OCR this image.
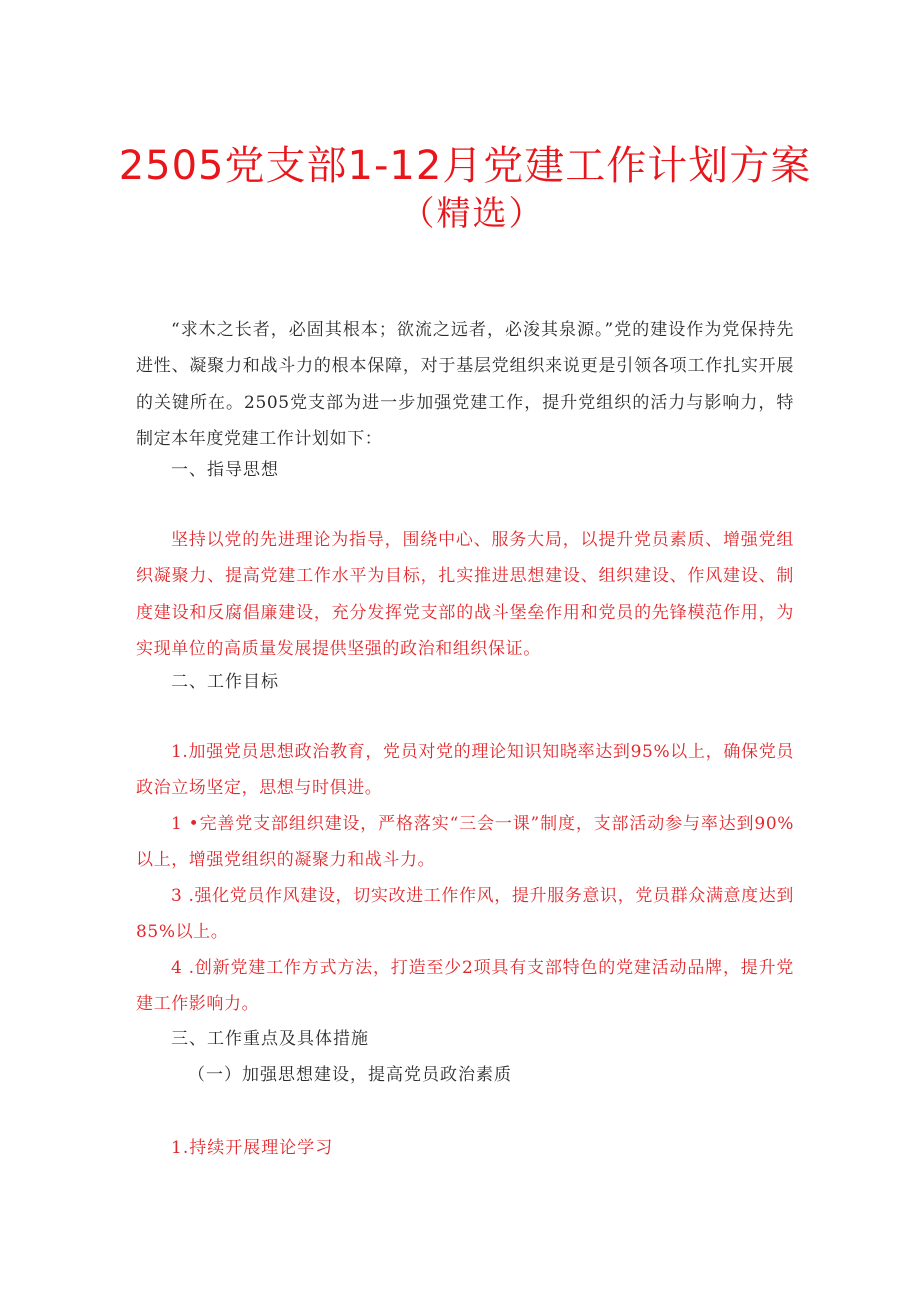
2505党支部1-12月党建工作计划方案
（精选）

“求木之长者，必固其根本；欲流之远者，必浚其泉源。”党的建设作为党保持先进性、凝聚力和战斗力的根本保障，对于基层党组织来说更是引领各项工作扎实开展的关键所在。2505党支部为进一步加强党建工作，提升党组织的活力与影响力，特制定本年度党建工作计划如下：

一、指导思想

坚持以党的先进理论为指导，围绕中心、服务大局，以提升党员素质、增强党组织凝聚力、提高党建工作水平为目标，扎实推进思想建设、组织建设、作风建设、制度建设和反腐倡廉建设，充分发挥党支部的战斗堡垒作用和党员的先锋模范作用，为实现单位的高质量发展提供坚强的政治和组织保证。

二、工作目标

1.加强党员思想政治教育，党员对党的理论知识知晓率达到95%以上，确保党员政治立场坚定，思想与时俱进。

1 •完善党支部组织建设，严格落实“三会一课”制度，支部活动参与率达到90%以上，增强党组织的凝聚力和战斗力。

3 .强化党员作风建设，切实改进工作作风，提升服务意识，党员群众满意度达到85%以上。

4 .创新党建工作方式方法，打造至少2项具有支部特色的党建活动品牌，提升党建工作影响力。

三、工作重点及具体措施

（一）加强思想建设，提高党员政治素质

1.持续开展理论学习
